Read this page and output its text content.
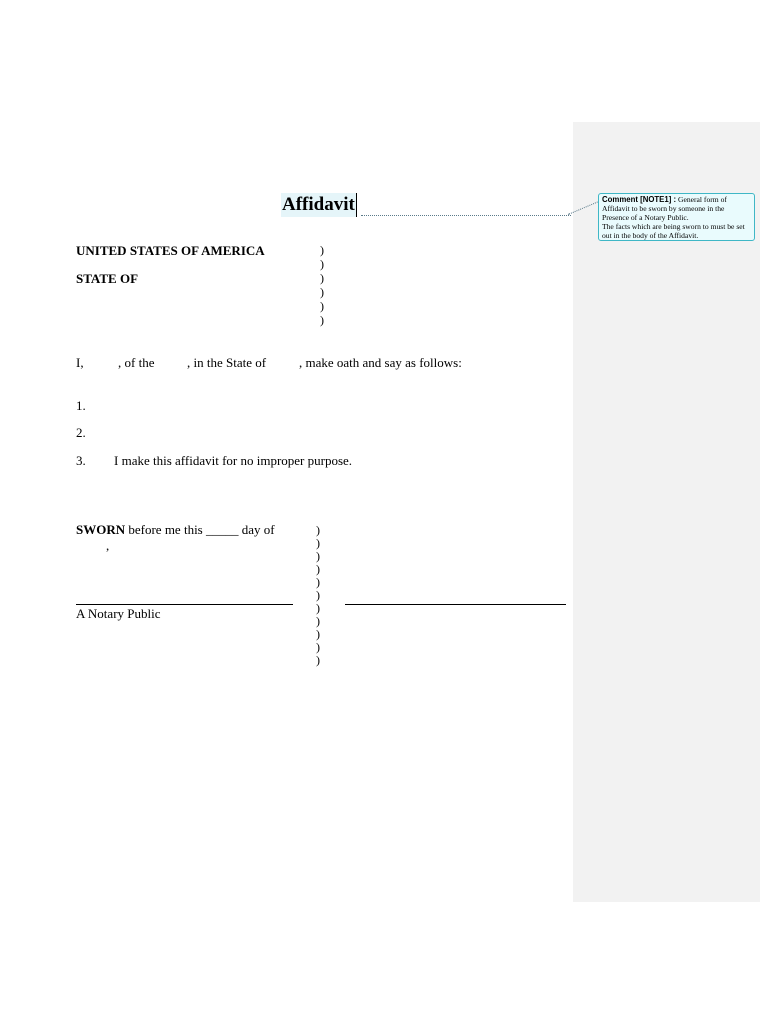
Comment [NOTE1] : General form of Affidavit to be sworn by someone in the Presence of a Notary Public.
The facts which are being sworn to must be set out in the body of the Affidavit.
Affidavit
UNITED STATES OF AMERICA
STATE OF
)
)
)
)
)
)
I,	, of the	, in the State of	, make oath and say as follows:
1.
2.
3. I make this affidavit for no improper purpose.
SWORN before me this _____ day of
,
)
)
)
)
)
)
)
)
)
)
)
A Notary Public
